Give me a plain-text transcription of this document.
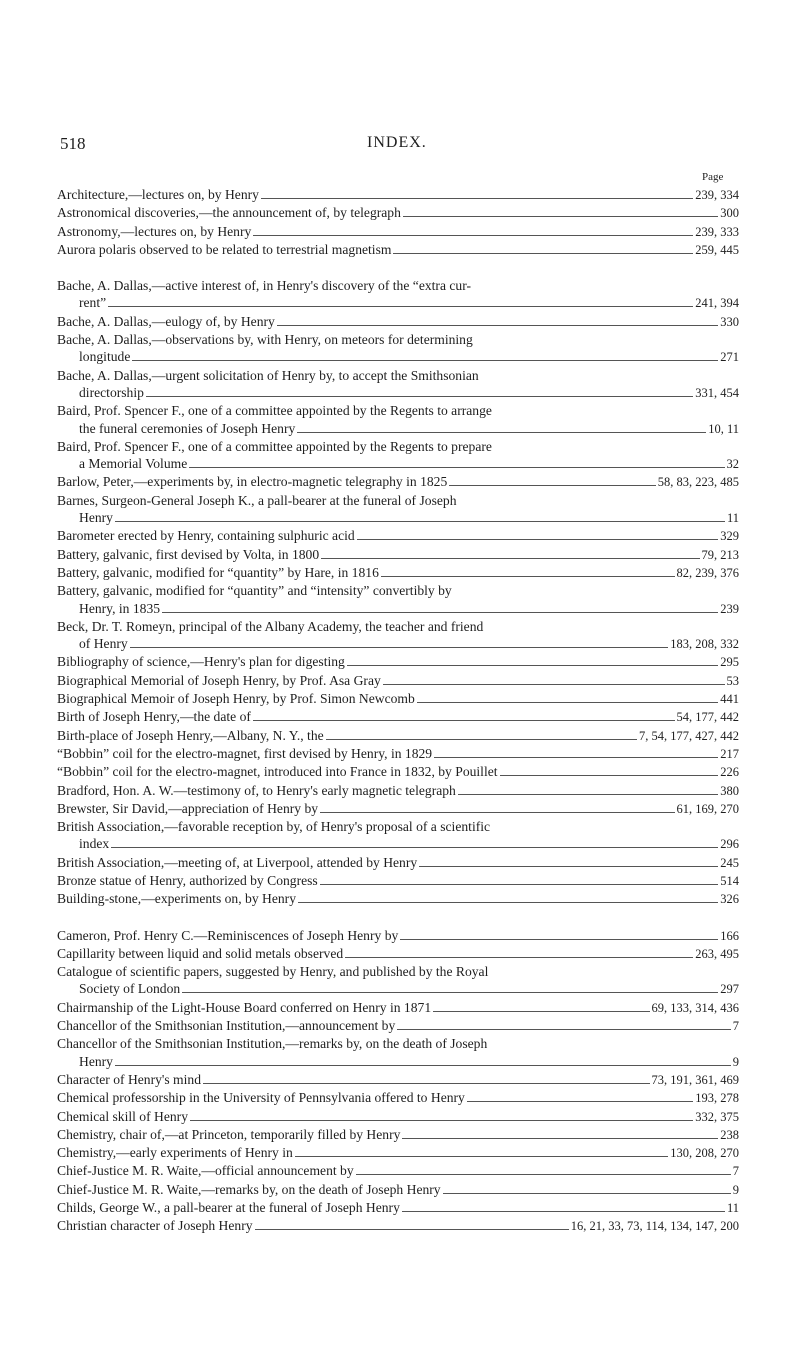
518	INDEX.
Page
Architecture,—lectures on, by Henry	239, 334
Astronomical discoveries,—the announcement of, by telegraph	300
Astronomy,—lectures on, by Henry	239, 333
Aurora polaris observed to be related to terrestrial magnetism	259, 445
Bache, A. Dallas,—active interest of, in Henry's discovery of the “extra cur-
rent”	241, 394
Bache, A. Dallas,—eulogy of, by Henry	330
Bache, A. Dallas,—observations by, with Henry, on meteors for determining
longitude	271
Bache, A. Dallas,—urgent solicitation of Henry by, to accept the Smithsonian
directorship	331, 454
Baird, Prof. Spencer F., one of a committee appointed by the Regents to arrange
the funeral ceremonies of Joseph Henry	10, 11
Baird, Prof. Spencer F., one of a committee appointed by the Regents to prepare
a Memorial Volume	32
Barlow, Peter,—experiments by, in electro-magnetic telegraphy in 1825	58, 83, 223, 485
Barnes, Surgeon-General Joseph K., a pall-bearer at the funeral of Joseph
Henry	11
Barometer erected by Henry, containing sulphuric acid	329
Battery, galvanic, first devised by Volta, in 1800	79, 213
Battery, galvanic, modified for “quantity” by Hare, in 1816	82, 239, 376
Battery, galvanic, modified for “quantity” and “intensity” convertibly by
Henry, in 1835	239
Beck, Dr. T. Romeyn, principal of the Albany Academy, the teacher and friend
of Henry	183, 208, 332
Bibliography of science,—Henry's plan for digesting	295
Biographical Memorial of Joseph Henry, by Prof. Asa Gray	53
Biographical Memoir of Joseph Henry, by Prof. Simon Newcomb	441
Birth of Joseph Henry,—the date of	54, 177, 442
Birth-place of Joseph Henry,—Albany, N. Y., the	7, 54, 177, 427, 442
“Bobbin” coil for the electro-magnet, first devised by Henry, in 1829	217
“Bobbin” coil for the electro-magnet, introduced into France in 1832, by Pouillet	226
Bradford, Hon. A. W.—testimony of, to Henry's early magnetic telegraph	380
Brewster, Sir David,—appreciation of Henry by	61, 169, 270
British Association,—favorable reception by, of Henry's proposal of a scientific
index	296
British Association,—meeting of, at Liverpool, attended by Henry	245
Bronze statue of Henry, authorized by Congress	514
Building-stone,—experiments on, by Henry	326
Cameron, Prof. Henry C.—Reminiscences of Joseph Henry by	166
Capillarity between liquid and solid metals observed	263, 495
Catalogue of scientific papers, suggested by Henry, and published by the Royal
Society of London	297
Chairmanship of the Light-House Board conferred on Henry in 1871	69, 133, 314, 436
Chancellor of the Smithsonian Institution,—announcement by	7
Chancellor of the Smithsonian Institution,—remarks by, on the death of Joseph
Henry	9
Character of Henry's mind	73, 191, 361, 469
Chemical professorship in the University of Pennsylvania offered to Henry	193, 278
Chemical skill of Henry	332, 375
Chemistry, chair of,—at Princeton, temporarily filled by Henry	238
Chemistry,—early experiments of Henry in	130, 208, 270
Chief-Justice M. R. Waite,—official announcement by	7
Chief-Justice M. R. Waite,—remarks by, on the death of Joseph Henry	9
Childs, George W., a pall-bearer at the funeral of Joseph Henry	11
Christian character of Joseph Henry	16, 21, 33, 73, 114, 134, 147, 200
